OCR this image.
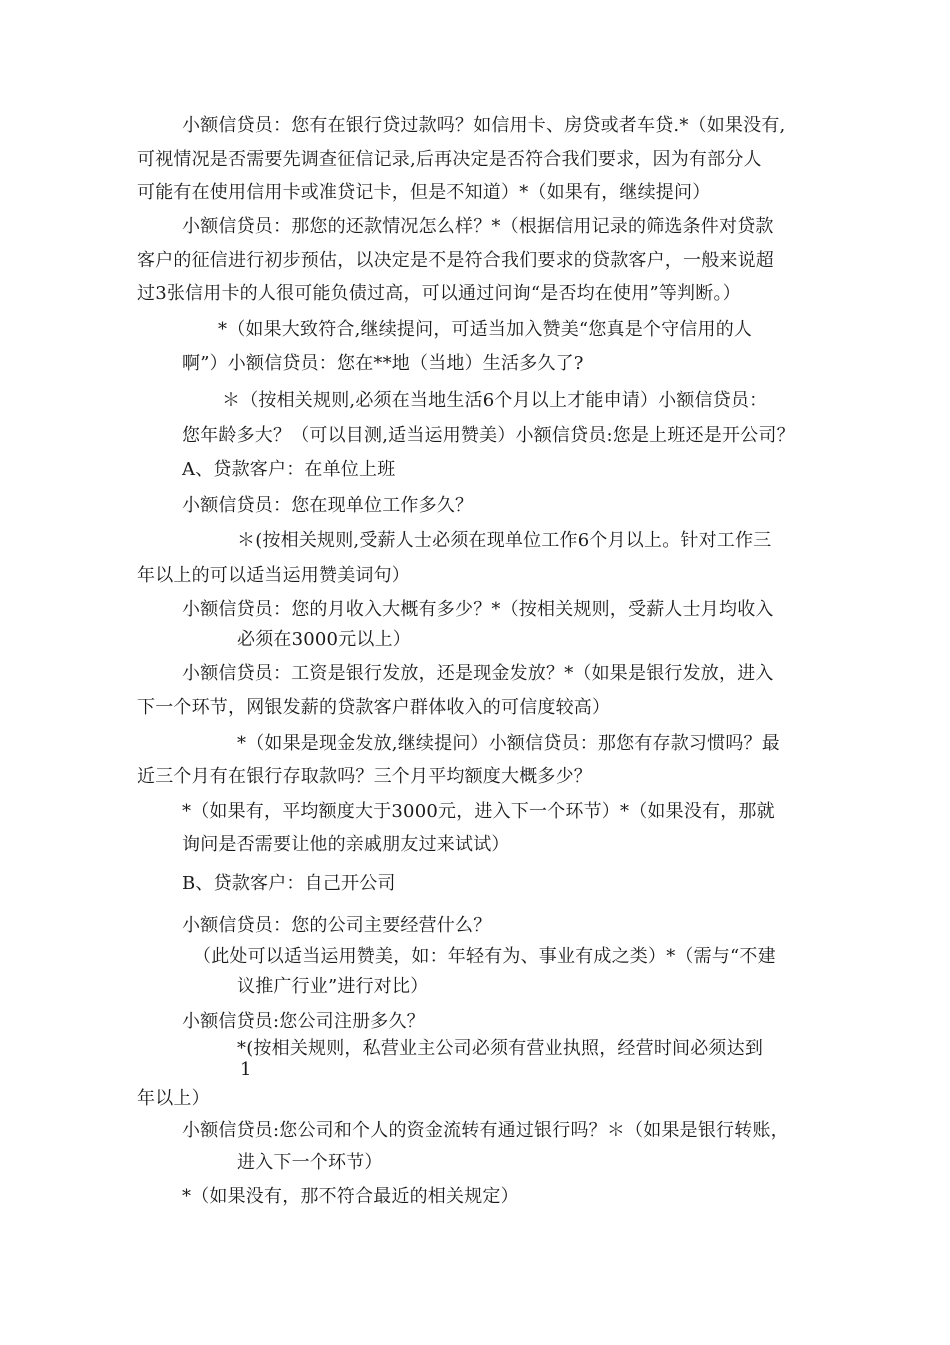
小额信贷员：您有在银行贷过款吗？如信用卡、房贷或者车贷.*（如果没有,
可视情况是否需要先调查征信记录,后再决定是否符合我们要求，因为有部分人
可能有在使用信用卡或准贷记卡，但是不知道）*（如果有，继续提问）
小额信贷员：那您的还款情况怎么样？*（根据信用记录的筛选条件对贷款
客户的征信进行初步预估，以决定是不是符合我们要求的贷款客户，一般来说超
过3张信用卡的人很可能负债过高，可以通过问询“是否均在使用”等判断。）
*（如果大致符合,继续提问，可适当加入赞美“您真是个守信用的人
啊”）小额信贷员：您在**地（当地）生活多久了?
＊（按相关规则,必须在当地生活6个月以上才能申请）小额信贷员：
您年龄多大？（可以目测,适当运用赞美）小额信贷员:您是上班还是开公司？
A、贷款客户：在单位上班
小额信贷员：您在现单位工作多久？
＊(按相关规则,受薪人士必须在现单位工作6个月以上。针对工作三
年以上的可以适当运用赞美词句）
小额信贷员：您的月收入大概有多少？*（按相关规则，受薪人士月均收入
必须在3000元以上）
小额信贷员：工资是银行发放，还是现金发放？*（如果是银行发放，进入
下一个环节，网银发薪的贷款客户群体收入的可信度较高）
*（如果是现金发放,继续提问）小额信贷员：那您有存款习惯吗？最
近三个月有在银行存取款吗？三个月平均额度大概多少？
*（如果有，平均额度大于3000元，进入下一个环节）*（如果没有，那就
询问是否需要让他的亲戚朋友过来试试）
B、贷款客户：自己开公司
小额信贷员：您的公司主要经营什么？
（此处可以适当运用赞美，如：年轻有为、事业有成之类）*（需与“不建
议推广行业”进行对比）
小额信贷员:您公司注册多久？
*(按相关规则，私营业主公司必须有营业执照，经营时间必须达到
1
年以上）
小额信贷员:您公司和个人的资金流转有通过银行吗？＊（如果是银行转账，
进入下一个环节）
*（如果没有，那不符合最近的相关规定）
